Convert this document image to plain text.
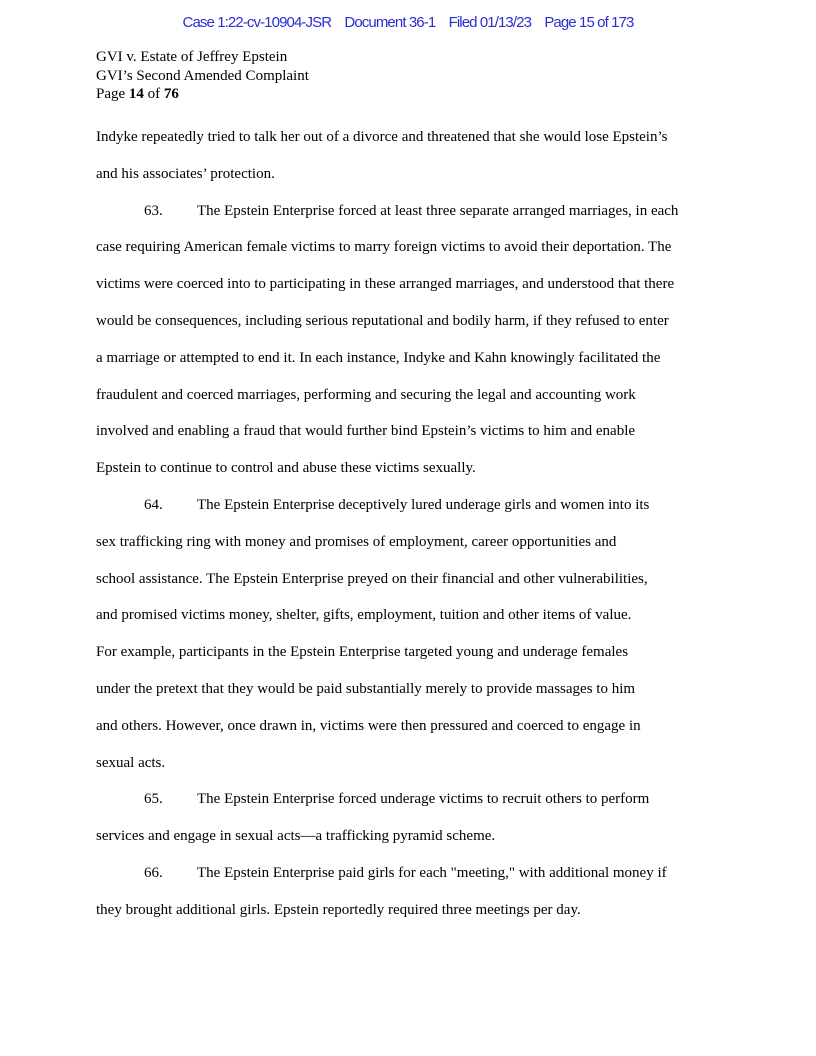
Case 1:22-cv-10904-JSR Document 36-1 Filed 01/13/23 Page 15 of 173
GVI v. Estate of Jeffrey Epstein
GVI’s Second Amended Complaint
Page 14 of 76

Indyke repeatedly tried to talk her out of a divorce and threatened that she would lose Epstein’s

and his associates’ protection.

63. The Epstein Enterprise forced at least three separate arranged marriages, in each

case requiring American female victims to marry foreign victims to avoid their deportation. The

victims were coerced into to participating in these arranged marriages, and understood that there

would be consequences, including serious reputational and bodily harm, if they refused to enter

a marriage or attempted to end it. In each instance, Indyke and Kahn knowingly facilitated the

fraudulent and coerced marriages, performing and securing the legal and accounting work

involved and enabling a fraud that would further bind Epstein’s victims to him and enable

Epstein to continue to control and abuse these victims sexually.

64. The Epstein Enterprise deceptively lured underage girls and women into its

sex trafficking ring with money and promises of employment, career opportunities and

school assistance. The Epstein Enterprise preyed on their financial and other vulnerabilities,

and promised victims money, shelter, gifts, employment, tuition and other items of value.

For example, participants in the Epstein Enterprise targeted young and underage females

under the pretext that they would be paid substantially merely to provide massages to him

and others. However, once drawn in, victims were then pressured and coerced to engage in

sexual acts.

65. The Epstein Enterprise forced underage victims to recruit others to perform

services and engage in sexual acts—a trafficking pyramid scheme.

66. The Epstein Enterprise paid girls for each "meeting," with additional money if

they brought additional girls. Epstein reportedly required three meetings per day.
